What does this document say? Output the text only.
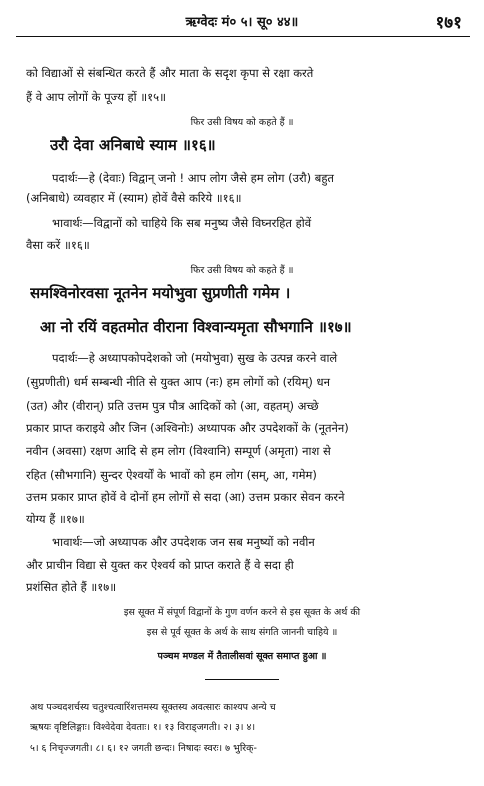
ऋग्वेदः मं० ५। सू० ४४॥	१७१
को विद्याओं से संबन्धित करते हैं और माता के सदृश कृपा से रक्षा करते
हैं वे आप लोगों के पूज्य हों ॥१५॥
फिर उसी विषय को कहते हैं ॥
उरौ देवा अनिबाधे स्याम ॥१६॥
पदार्थः—हे (देवाः) विद्वान् जनो ! आप लोग जैसे हम लोग (उरौ) बहुत
(अनिबाधे) व्यवहार में (स्याम) होवें वैसे करिये ॥१६॥
भावार्थः—विद्वानों को चाहिये कि सब मनुष्य जैसे विघ्नरहित होवें
वैसा करें ॥१६॥
फिर उसी विषय को कहते हैं ॥
समश्विनोरवसा नूतनेन मयोभुवा सुप्रणीती गमेम ।
आ नो रयिं वहतमोत वीराना विश्वान्यमृता सौभगानि ॥१७॥
पदार्थः—हे अध्यापकोपदेशको जो (मयोभुवा) सुख के उत्पन्न करने वाले
(सुप्रणीती) धर्म सम्बन्धी नीति से युक्त आप (नः) हम लोगों को (रयिम्) धन
(उत) और (वीरान्) प्रति उत्तम पुत्र पौत्र आदिकों को (आ, वहतम्) अच्छे
प्रकार प्राप्त कराइये और जिन (अश्विनोः) अध्यापक और उपदेशकों के (नूतनेन)
नवीन (अवसा) रक्षण आदि से हम लोग (विश्वानि) सम्पूर्ण (अमृता) नाश से
रहित (सौभगानि) सुन्दर ऐश्वर्यों के भावों को हम लोग (सम्, आ, गमेम)
उत्तम प्रकार प्राप्त होवें वे दोनों हम लोगों से सदा (आ) उत्तम प्रकार सेवन करने
योग्य हैं ॥१७॥
भावार्थः—जो अध्यापक और उपदेशक जन सब मनुष्यों को नवीन
और प्राचीन विद्या से युक्त कर ऐश्वर्य को प्राप्त कराते हैं वे सदा ही
प्रशंसित होते हैं ॥१७॥
इस सूक्त में संपूर्ण विद्वानों के गुण वर्णन करने से इस सूक्त के अर्थ की
इस से पूर्व सूक्त के अर्थ के साथ संगति जाननी चाहिये ॥
पञ्चम मण्डल में तैतालीसवां सूक्त समाप्त हुआ ॥
अथ पञ्चदशर्चस्य चतुश्चत्वारिंशत्तमस्य सूक्तस्य अवत्सारः काश्यप अन्ये च
ऋषयः वृष्टिलिङ्गाः। विश्वेदेवा देवताः। १। १३ विराड्जगती। २। ३। ४।
५। ६ निचृज्जगती। ८। ६। १२ जगती छन्दः। निषादः स्वरः। ७ भुरिक्-
